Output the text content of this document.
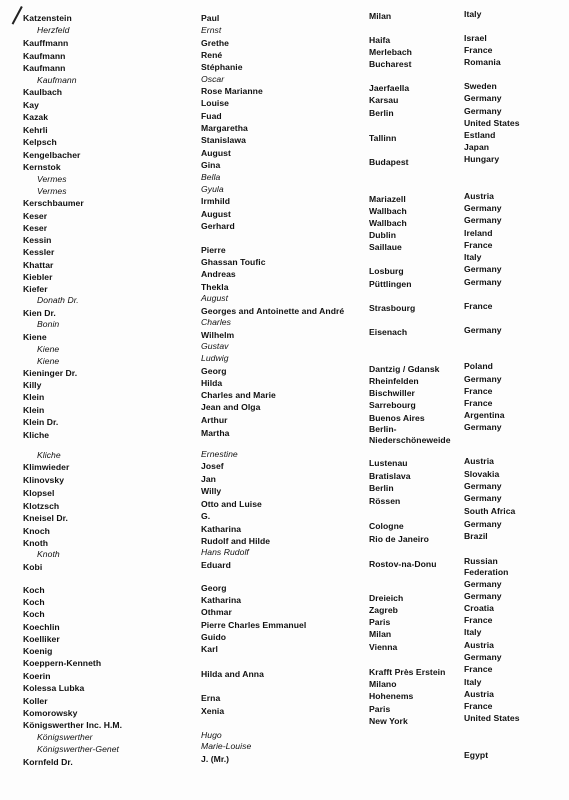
Katzenstein
Herzfeld
Kauffmann
Kaufmann
Kaufmann
Kaufmann
Kaulbach
Kay
Kazak
Kehrli
Kelpsch
Kengelbacher
Kernstok
Vermes
Vermes
Kerschbaumer
Keser
Keser
Kessin
Kessler
Khattar
Kiebler
Kiefer
Donath Dr.
Kien Dr.
Bonin
Kiene
Kiene
Kiene
Kieninger Dr.
Killy
Klein
Klein
Klein Dr.
Kliche
Kliche
Klimwieder
Klinovsky
Klopsel
Klotzsch
Kneisel Dr.
Knoch
Knoth
Knoth
Kobi
Koch
Koch
Koch
Koechlin
Koelliker
Koenig
Koeppern-Kenneth
Koerin
Kolessa Lubka
Koller
Komorowsky
Königswerther Inc. H.M.
Königswerther
Königswerther-Genet
Kornfeld Dr.
Paul
Ernst
Grethe
René
Stéphanie
Oscar
Rose Marianne
Louise
Fuad
Margaretha
Stanislawa
August
Gina
Bella
Gyula
Irmhild
August
Gerhard
Pierre
Ghassan Toufic
Andreas
Thekla
August
Georges and Antoinette and André
Charles
Wilhelm
Gustav
Ludwig
Georg
Hilda
Charles and Marie
Jean and Olga
Arthur
Martha
Ernestine
Josef
Jan
Willy
Otto and Luise
G.
Katharina
Rudolf and Hilde
Hans Rudolf
Eduard
Georg
Katharina
Othmar
Pierre Charles Emmanuel
Guido
Karl
Hilda and Anna
Erna
Xenia
Hugo
Marie-Louise
J. (Mr.)
Milan
Haifa
Merlebach
Bucharest
Jaerfaella
Karsau
Berlin
Tallinn
Budapest
Mariazell
Wallbach
Wallbach
Dublin
Saillaue
Losburg
Püttlingen
Strasbourg
Eisenach
Dantzig / Gdansk
Rheinfelden
Bischwiller
Sarrebourg
Buenos Aires
Berlin-
Niederschöneweide
Lustenau
Bratislava
Berlin
Rössen
Cologne
Rio de Janeiro
Rostov-na-Donu
Dreieich
Zagreb
Paris
Milan
Vienna
Krafft Près Erstein
Milano
Hohenems
Paris
New York
Italy
Israel
France
Romania
Sweden
Germany
Germany
United States
Estland
Japan
Hungary
Austria
Germany
Germany
Ireland
France
Italy
Germany
Germany
France
Germany
Poland
Germany
France
France
Argentina
Germany
Austria
Slovakia
Germany
Germany
South Africa
Germany
Brazil
Russian
Federation
Germany
Germany
Croatia
France
Italy
Austria
Germany
France
Italy
Austria
France
United States
Egypt
